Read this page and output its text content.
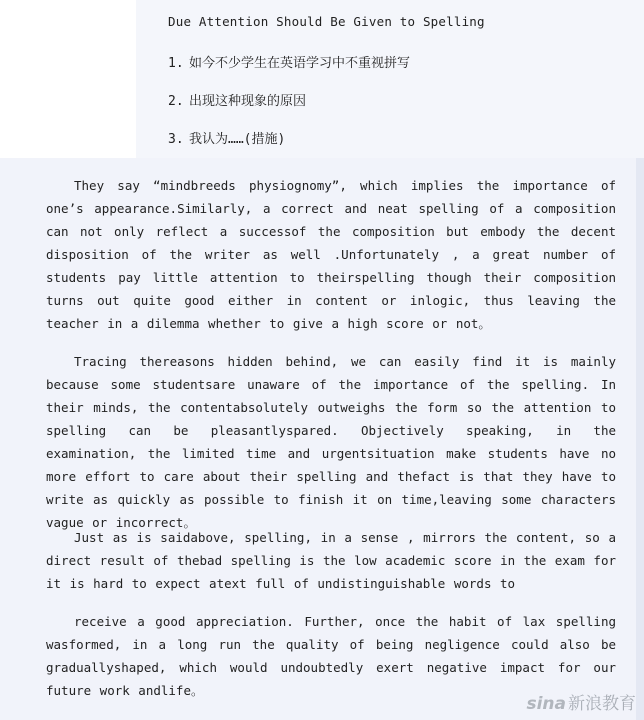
Due Attention Should Be Given to Spelling
1. 如今不少学生在英语学习中不重视拼写
2. 出现这种现象的原因
3. 我认为……(措施)
They say “mindbreeds physiognomy”, which implies the importance of one’s appearance.Similarly, a correct and neat spelling of a composition can not only reflect a successof the composition but embody the decent disposition of the writer as well .Unfortunately , a great number of students pay little attention to theirspelling though their composition turns out quite good either in content or inlogic, thus leaving the teacher in a dilemma whether to give a high score or not。
Tracing thereasons hidden behind, we can easily find it is mainly because some studentsare unaware of the importance of the spelling. In their minds, the contentabsolutely outweighs the form so the attention to spelling can be pleasantlyspared. Objectively speaking, in the examination, the limited time and urgentsituation make students have no more effort to care about their spelling and thefact is that they have to write as quickly as possible to finish it on time,leaving some characters vague or incorrect。
Just as is saidabove, spelling, in a sense , mirrors the content, so a direct result of thebad spelling is the low academic score in the exam for it is hard to expect atext full of undistinguishable words to
receive a good appreciation. Further, once the habit of lax spelling wasformed, in a long run the quality of being negligence could also be graduallyshaped, which would undoubtedly exert negative impact for our future work andlife。
sina 新浪教育
